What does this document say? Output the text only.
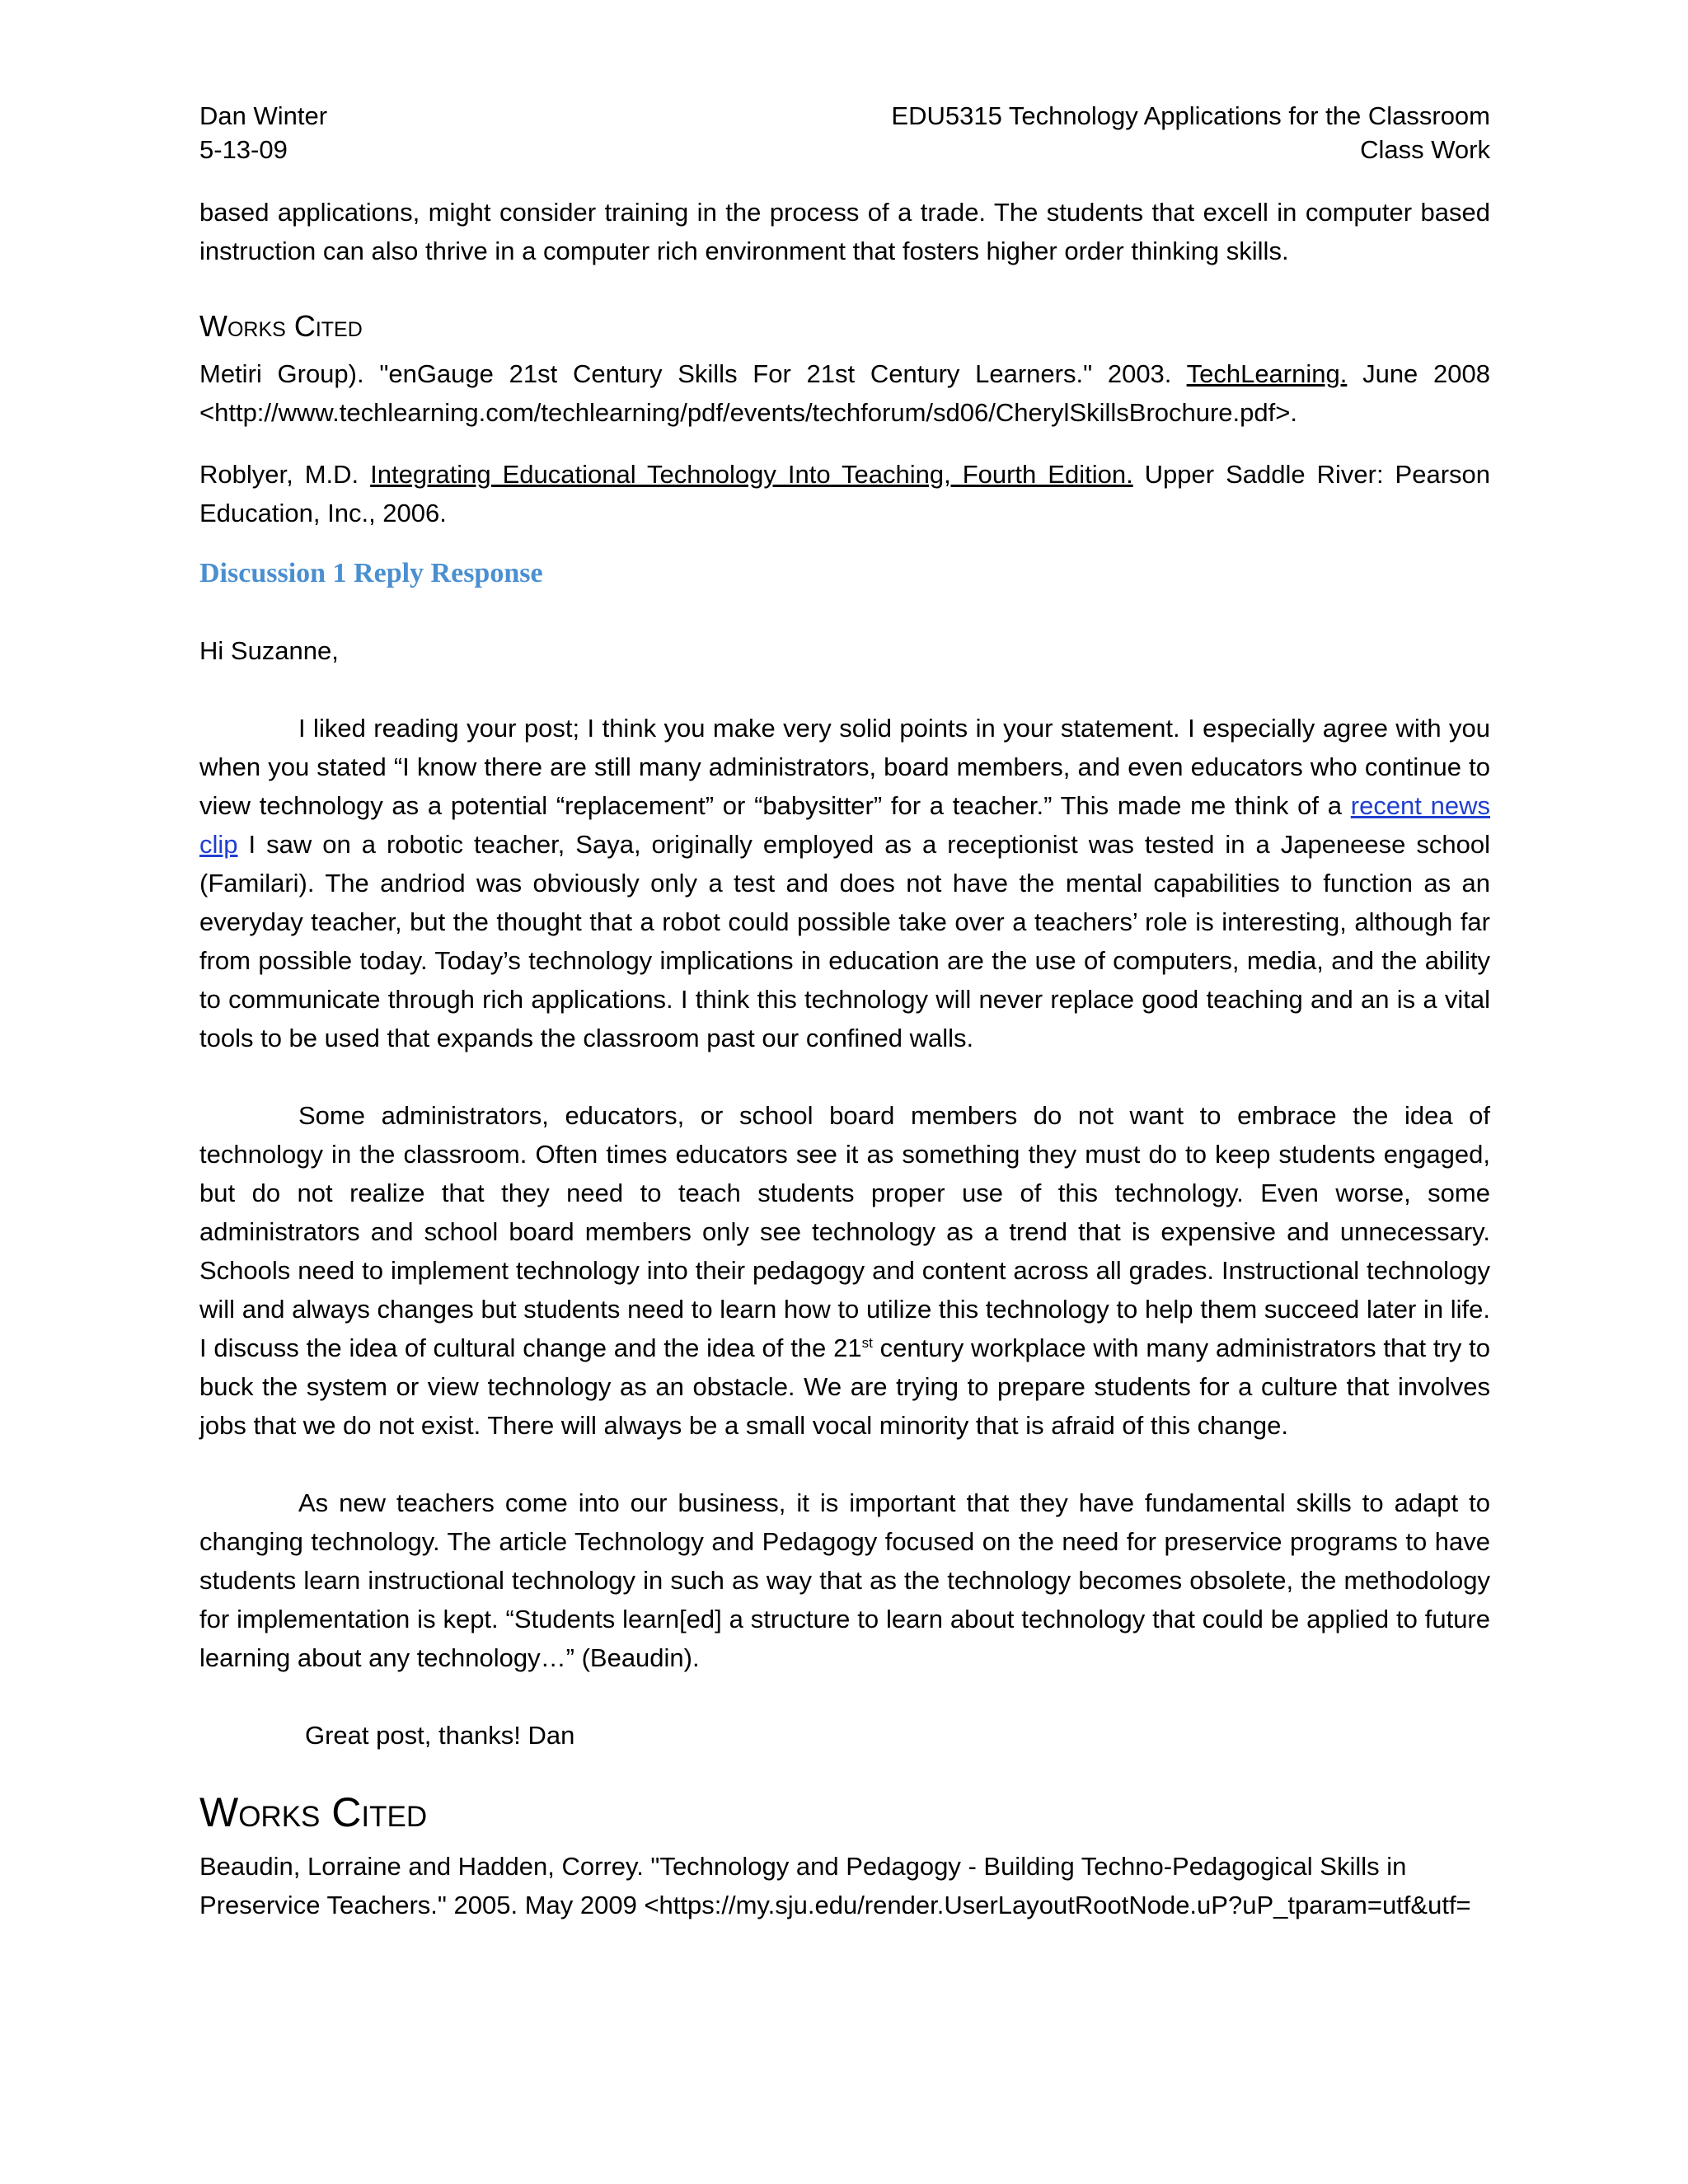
Dan Winter
5-13-09
EDU5315 Technology Applications for the Classroom
Class Work

based applications, might consider training in the process of a trade. The students that excell in computer based instruction can also thrive in a computer rich environment that fosters higher order thinking skills.

Works Cited

Metiri Group). "enGauge 21st Century Skills For 21st Century Learners." 2003. TechLearning. June 2008 <http://www.techlearning.com/techlearning/pdf/events/techforum/sd06/CherylSkillsBrochure.pdf>.

Roblyer, M.D. Integrating Educational Technology Into Teaching, Fourth Edition. Upper Saddle River: Pearson Education, Inc., 2006.

Discussion 1 Reply Response

Hi Suzanne,

I liked reading your post; I think you make very solid points in your statement. I especially agree with you when you stated “I know there are still many administrators, board members, and even educators who continue to view technology as a potential “replacement” or “babysitter” for a teacher.” This made me think of a recent news clip I saw on a robotic teacher, Saya, originally employed as a receptionist was tested in a Japeneese school (Familari). The andriod was obviously only a test and does not have the mental capabilities to function as an everyday teacher, but the thought that a robot could possible take over a teachers’ role is interesting, although far from possible today. Today’s technology implications in education are the use of computers, media, and the ability to communicate through rich applications. I think this technology will never replace good teaching and an is a vital tools to be used that expands the classroom past our confined walls.

Some administrators, educators, or school board members do not want to embrace the idea of technology in the classroom. Often times educators see it as something they must do to keep students engaged, but do not realize that they need to teach students proper use of this technology. Even worse, some administrators and school board members only see technology as a trend that is expensive and unnecessary. Schools need to implement technology into their pedagogy and content across all grades. Instructional technology will and always changes but students need to learn how to utilize this technology to help them succeed later in life. I discuss the idea of cultural change and the idea of the 21st century workplace with many administrators that try to buck the system or view technology as an obstacle. We are trying to prepare students for a culture that involves jobs that we do not exist. There will always be a small vocal minority that is afraid of this change.

As new teachers come into our business, it is important that they have fundamental skills to adapt to changing technology. The article Technology and Pedagogy focused on the need for preservice programs to have students learn instructional technology in such as way that as the technology becomes obsolete, the methodology for implementation is kept. “Students learn[ed] a structure to learn about technology that could be applied to future learning about any technology…” (Beaudin).

Great post, thanks! Dan

Works Cited
Beaudin, Lorraine and Hadden, Correy. "Technology and Pedagogy - Building Techno-Pedagogical Skills in
Preservice Teachers." 2005. May 2009 <https://my.sju.edu/render.UserLayoutRootNode.uP?uP_tparam=utf&utf=
